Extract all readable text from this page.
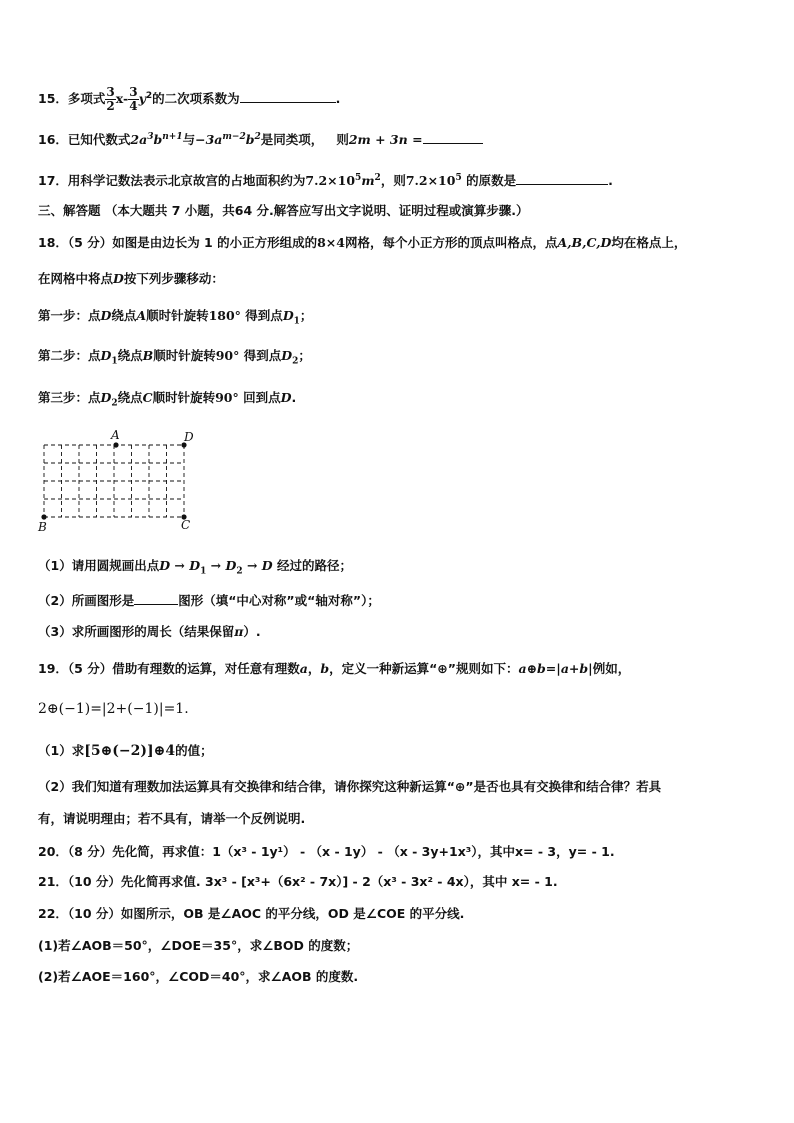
15．多项式 $\frac{3}{2} x- \frac{3}{4} y^2$的二次项系数为	.
16．已知代数式$2a^3b^{n+1}$与$-3a^{m-2}b^2$是同类项， 则2m + 3n =
17．用科学记数法表示北京故宫的占地面积约为$7.2\times 10^5m^2$，则$7.2\times 10^5$ 的原数是	.
三、解答题 （本大题共 7 小题，共64 分.解答应写出文字说明、证明过程或演算步骤.）
18．（5 分）如图是由边长为 1 的小正方形组成的8×4网格，每个小正方形的顶点叫格点，点A,B,C,D均在格点上，
在网格中将点D按下列步骤移动：
第一步：点D绕点A顺时针旋转180° 得到点$D_1$；
第二步：点$D_1$绕点B顺时针旋转90° 得到点$D_2$；
第三步：点$D_2$绕点C顺时针旋转90° 回到点D.
A	D
B	C
（1）请用圆规画出点$D \to D_1 \to D_2 \to D$ 经过的路径；
（2）所画图形是	图形（填“中心对称”或“轴对称”）；
（3）求所画图形的周长（结果保留π）.
19．（5 分）借助有理数的运算，对任意有理数a，b，定义一种新运算“⊕”规则如下：a⊕b=|a+b|例如，
2⊕(−1)=|2+(−1)|=1.
（1）求[5⊕(−2)]⊕4的值；
（2）我们知道有理数加法运算具有交换律和结合律，请你探究这种新运算“⊕”是否也具有交换律和结合律？若具
有，请说明理由；若不具有，请举一个反例说明.
20．（8 分）先化简，再求值：1（x³ - 1y¹） - （x - 1y） - （x - 3y+1x³），其中x= - 3，y= - 1.
21．（10 分）先化简再求值. 3x³ - [x³+（6x² - 7x）] - 2（x³ - 3x² - 4x），其中 x= - 1.
22．（10 分）如图所示，OB 是∠AOC 的平分线，OD 是∠COE 的平分线.
(1)若∠AOB＝50°，∠DOE＝35°，求∠BOD 的度数；
(2)若∠AOE＝160°，∠COD＝40°，求∠AOB 的度数.
